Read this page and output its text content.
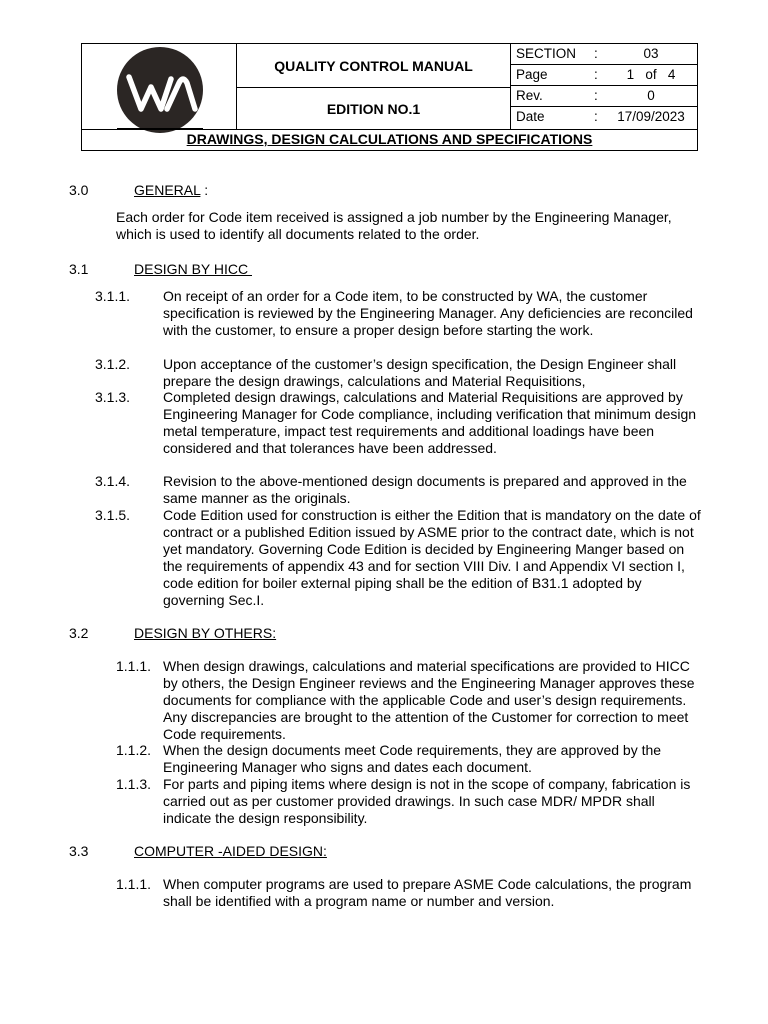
QUALITY CONTROL MANUAL
EDITION NO.1
SECTION :	03
Page	:	1   of   4
Rev.	:	0
Date	:	17/09/2023
DRAWINGS, DESIGN CALCULATIONS AND SPECIFICATIONS
3.0	GENERAL :
Each order for Code item received is assigned a job number by the Engineering Manager, which is used to identify all documents related to the order.
3.1	DESIGN BY HICC
3.1.1. On receipt of an order for a Code item, to be constructed by WA, the customer specification is reviewed by the Engineering Manager. Any deficiencies are reconciled with the customer, to ensure a proper design before starting the work.
3.1.2. Upon acceptance of the customer’s design specification, the Design Engineer shall prepare the design drawings, calculations and Material Requisitions,
3.1.3. Completed design drawings, calculations and Material Requisitions are approved by Engineering Manager for Code compliance, including verification that minimum design metal temperature, impact test requirements and additional loadings have been considered and that tolerances have been addressed.
3.1.4. Revision to the above-mentioned design documents is prepared and approved in the same manner as the originals.
3.1.5. Code Edition used for construction is either the Edition that is mandatory on the date of contract or a published Edition issued by ASME prior to the contract date, which is not yet mandatory. Governing Code Edition is decided by Engineering Manger based on the requirements of appendix 43 and for section VIII Div. I and Appendix VI section I, code edition for boiler external piping shall be the edition of B31.1 adopted by governing Sec.I.
3.2	DESIGN BY OTHERS:
1.1.1. When design drawings, calculations and material specifications are provided to HICC by others, the Design Engineer reviews and the Engineering Manager approves these documents for compliance with the applicable Code and user’s design requirements. Any discrepancies are brought to the attention of the Customer for correction to meet Code requirements.
1.1.2. When the design documents meet Code requirements, they are approved by the Engineering Manager who signs and dates each document.
1.1.3. For parts and piping items where design is not in the scope of company, fabrication is carried out as per customer provided drawings. In such case MDR/ MPDR shall indicate the design responsibility.
3.3	COMPUTER -AIDED DESIGN:
1.1.1. When computer programs are used to prepare ASME Code calculations, the program shall be identified with a program name or number and version.
